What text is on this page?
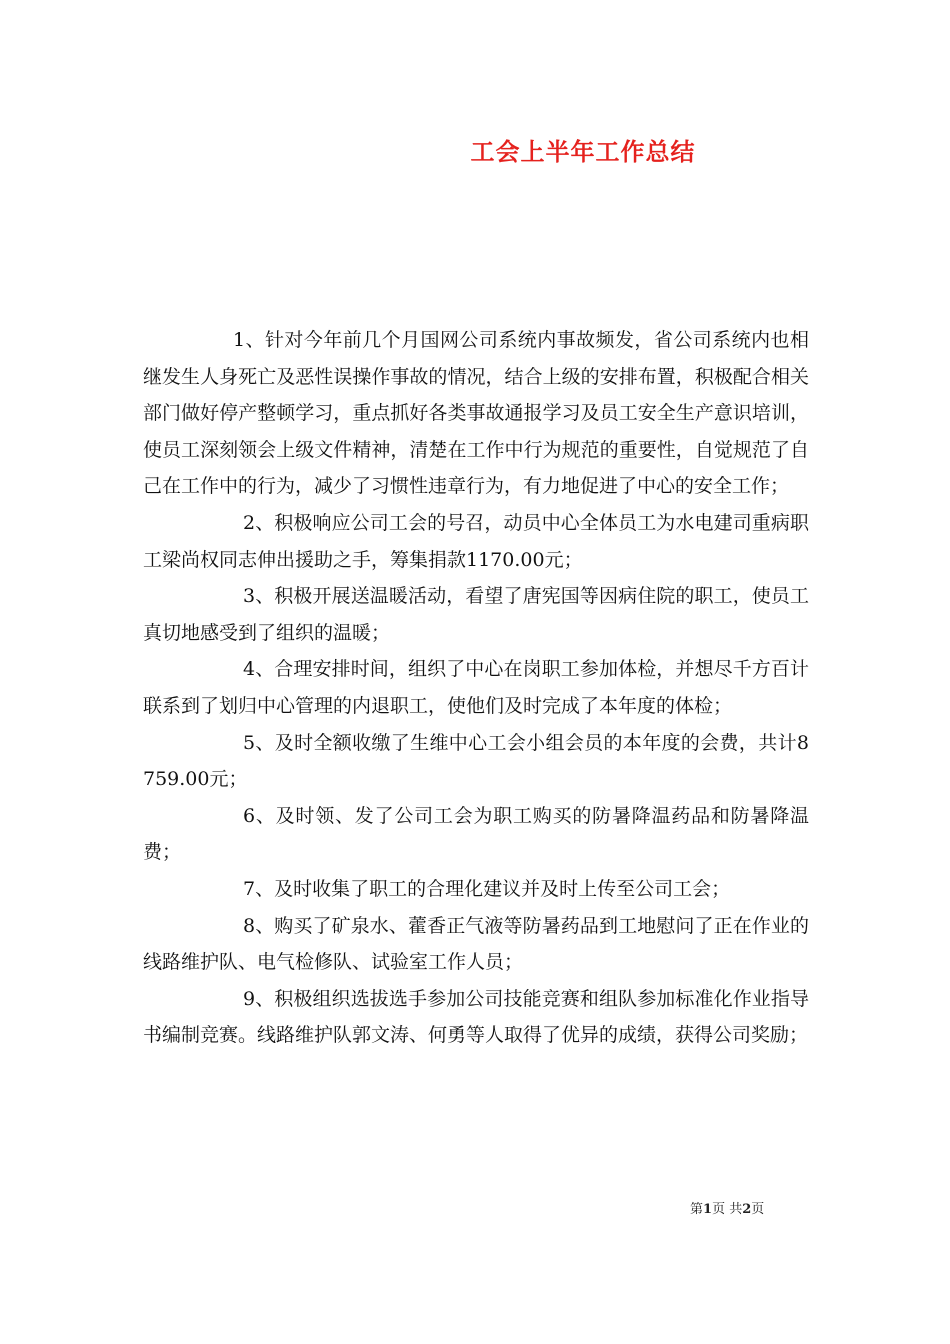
工会上半年工作总结

1、针对今年前几个月国网公司系统内事故频发，省公司系统内也相继发生人身死亡及恶性误操作事故的情况，结合上级的安排布置，积极配合相关部门做好停产整顿学习，重点抓好各类事故通报学习及员工安全生产意识培训，使员工深刻领会上级文件精神，清楚在工作中行为规范的重要性，自觉规范了自己在工作中的行为，减少了习惯性违章行为，有力地促进了中心的安全工作；

2、积极响应公司工会的号召，动员中心全体员工为水电建司重病职工梁尚权同志伸出援助之手，筹集捐款1170.00元；

3、积极开展送温暖活动，看望了唐宪国等因病住院的职工，使员工真切地感受到了组织的温暖；

4、合理安排时间，组织了中心在岗职工参加体检，并想尽千方百计联系到了划归中心管理的内退职工，使他们及时完成了本年度的体检；

5、及时全额收缴了生维中心工会小组会员的本年度的会费，共计8759.00元；

6、及时领、发了公司工会为职工购买的防暑降温药品和防暑降温费；

7、及时收集了职工的合理化建议并及时上传至公司工会；

8、购买了矿泉水、藿香正气液等防暑药品到工地慰问了正在作业的线路维护队、电气检修队、试验室工作人员；

9、积极组织选拔选手参加公司技能竞赛和组队参加标准化作业指导书编制竞赛。线路维护队郭文涛、何勇等人取得了优异的成绩，获得公司奖励；

第1页 共2页
